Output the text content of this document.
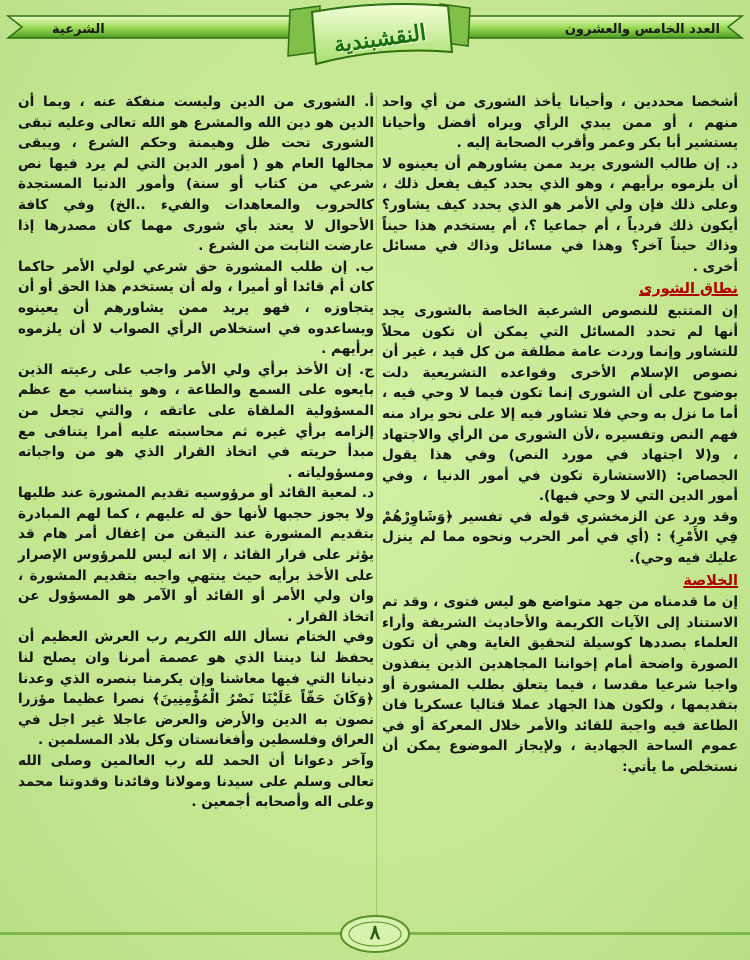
العدد الخامس والعشرون
الشرعية	النقشبندية

أشخصا محددين ، وأحيانا يأخذ الشورى من أي واحد منهم ، أو ممن يبدي الرأي ويراه أفضل وأحيانا يستشير أبا بكر وعمر وأقرب الصحابة إليه .

د. إن طالب الشورى يريد ممن يشاورهم أن يعينوه لا أن يلزموه برأيهم ، وهو الذي يحدد كيف يفعل ذلك ، وعلى ذلك فإن ولي الأمر هو الذي يحدد كيف يشاور؟ أيكون ذلك فردياً ، أم جماعيا ؟، أم يستخدم هذا حيناً وذاك حيناً آخر؟ وهذا في مسائل وذاك في مسائل أخرى .

نطاق الشورى

إن المتتبع للنصوص الشرعية الخاصة بالشورى يجد أنها لم تحدد المسائل التي يمكن أن تكون محلاً للتشاور وإنما وردت عامة مطلقة من كل قيد ، غير أن نصوص الإسلام الأخرى وقواعده التشريعية دلت بوضوح على أن الشورى إنما تكون فيما لا وحي فيه ، أما ما نزل به وحي فلا تشاور فيه إلا على نحو يراد منه فهم النص وتفسيره ،لأن الشورى من الرأي والاجتهاد ، و(لا اجتهاد في مورد النص) وفي هذا يقول الجصاص: (الاستشارة تكون في أمور الدنيا ، وفي أمور الدين التي لا وحي فيها).

وقد ورد عن الزمخشري قوله في تفسير ﴿وَشَاوِرْهُمْ فِي الأَمْرِ﴾ : (أي في أمر الحرب ونحوه مما لم ينزل عليك فيه وحي).

الخلاصة

إن ما قدمناه من جهد متواضع هو ليس فتوى ، وقد تم الاستناد إلى الآيات الكريمة والأحاديث الشريفة وأراء العلماء بصددها كوسيلة لتحقيق الغاية وهي أن تكون الصورة واضحة أمام إخواننا المجاهدين الذين ينفذون واجبا شرعيا مقدسا ، فيما يتعلق بطلب المشورة أو بتقديمها ، ولكون هذا الجهاد عملا قتاليا عسكريا فان الطاعة فيه واجبة للقائد والأمر خلال المعركة أو في عموم الساحة الجهادية ، ولإيجاز الموضوع يمكن أن نستخلص ما يأتي:

أ. الشورى من الدين وليست منفكة عنه ، وبما أن الدين هو دين الله والمشرع هو الله تعالى وعليه تبقى الشورى تحت ظل وهيمنة وحكم الشرع ، ويبقى مجالها العام هو ( أمور الدين التي لم يرد فيها نص شرعي من كتاب أو سنة) وأمور الدنيا المستجدة كالحروب والمعاهدات والفيء ..الخ) وفي كافة الأحوال لا يعتد بأي شورى مهما كان مصدرها إذا عارضت الثابت من الشرع .

ب. إن طلب المشورة حق شرعي لولي الأمر حاكما كان أم قائدا أو أميرا ، وله أن يستخدم هذا الحق أو أن يتجاوزه ، فهو يريد ممن يشاورهم أن يعينوه ويساعدوه في استخلاص الرأي الصواب لا أن يلزموه برأيهم .

ج. إن الأخذ برأي ولي الأمر واجب على رعيته الذين بايعوه على السمع والطاعة ، وهو يتناسب مع عظم المسؤولية الملقاة على عاتقه ، والتي تجعل من إلزامه برأي غيره ثم محاسبته عليه أمرا يتنافى مع مبدأ حريته في اتخاذ القرار الذي هو من واجباته ومسؤولياته .

د. لمعية القائد أو مرؤوسيه تقديم المشورة عند طلبها ولا يجوز حجبها لأنها حق له عليهم ، كما لهم المبادرة بتقديم المشورة عند التيقن من إغفال أمر هام قد يؤثر على قرار القائد ، إلا انه ليس للمرؤوس الإصرار على الأخذ برأيه حيث ينتهي واجبه بتقديم المشورة ، وان ولي الأمر أو القائد أو الآمر هو المسؤول عن اتخاذ القرار .

وفي الختام نسأل الله الكريم رب العرش العظيم أن يحفظ لنا ديننا الذي هو عصمة أمرنا وان يصلح لنا دنيانا التي فيها معاشنا وإن يكرمنا بنصره الذي وعدنا ﴿وَكَانَ حَقّاً عَلَيْنَا نَصْرُ الْمُؤْمِنِينَ﴾ نصرا عظيما مؤزرا نصون به الدين والأرض والعرض عاجلا غير اجل في العراق وفلسطين وأفغانستان وكل بلاد المسلمين .

وآخر دعوانا أن الحمد لله رب العالمين وصلى الله تعالى وسلم على سيدنا ومولانا وقائدنا وقدوتنا محمد وعلى اله وأصحابه أجمعين .

٨
